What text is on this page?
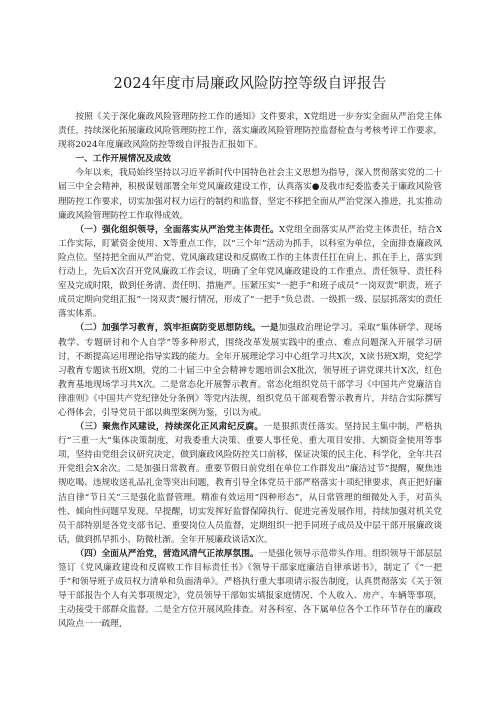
2024年度市局廉政风险防控等级自评报告

按照《关于深化廉政风险管理防控工作的通知》文件要求，X党组进一步夯实全面从严治党主体责任，持续深化拓展廉政风险管理防控工作，落实廉政风险管理防控监督检查与考核考评工作要求，现将2024年度廉政风险防控等级自评报告汇报如下。

一、工作开展情况及成效

今年以来，我局始终坚持以习近平新时代中国特色社会主义思想为指导，深入贯彻落实党的二十届三中全会精神，积极谋划部署全年党风廉政建设工作，认真落实●及我市纪委监委关于廉政风险管理防控工作要求，切实加强对权力运行的制约和监督，坚定不移把全面从严治党深入推进，扎实推动廉政风险管理防控工作取得成效。

（一）强化组织领导，全面落实从严治党主体责任。X党组全面落实从严治党主体责任，结合X工作实际，盯紧资金使用、X等重点工作，以“三个年”活动为抓手，以科室为单位，全面排查廉政风险点位。坚持把全面从严治党、党风廉政建设和反腐败工作的主体责任扛在肩上、抓在手上，落实到行动上，先后X次召开党风廉政工作会议，明确了全年党风廉政建设的工作重点、责任领导、责任科室及完成时限，做到任务清、责任明、措施严。压紧压实“一把手”和班子成员“一岗双责”职责，班子成员定期向党组汇报“一岗双责”履行情况，形成了“一把手”负总责、一级抓一级、层层抓落实的责任落实体系。

（二）加强学习教育，筑牢拒腐防变思想防线。一是加强政治理论学习。采取“集体研学、现场教学、专题研讨和个人自学”等多种形式，围绕改革发展实践中的重点、难点问题深入开展学习研讨，不断提高运用理论指导实践的能力。全年开展理论学习中心组学习共X次，X读书班X期，党纪学习教育专题读书班X期，党的二十届三中全会精神专题培训会X批次，领导班子讲党课共计X次，红色教育基地现场学习共X次。二是常态化开展警示教育。常态化组织党员干部学习《中国共产党廉洁自律准则》《中国共产党纪律处分条例》等党内法规，组织党员干部观看警示教育片，并结合实际撰写心得体会，引导党员干部以典型案例为鉴，引以为戒。

（三）聚焦作风建设，持续深化正风肃纪反腐。一是狠抓责任落实。坚持民主集中制，严格执行“三重一大”集体决策制度，对我委重大决策、重要人事任免、重大项目安排、大额资金使用等事项，坚持由党组会议研究决定，做到廉政风险防控关口前移，保证决策的民主化、科学化，全年共召开党组会X余次。二是加强日常教育。重要节假日前党组在单位工作群发出“廉洁过节”提醒，聚焦违规吃喝、违规收送礼品礼金等突出问题，教育引导全体党员干部严格落实十项纪律要求，真正把好廉洁自律“节日关”三是强化监督管理。精准有效运用“四种形态”，从日常管理的细微处入手，对苗头性、倾向性问题早发现、早提醒，切实发挥好监督保障执行、促进完善发展作用，持续加强对机关党员干部特别是各党支部书记、重要岗位人员监督，定期组织一把手同班子成员及中层干部开展廉政谈话，做到抓早抓小、防微杜渐。全年开展廉政谈话X次。

（四）全面从严治党，营造风清气正浓厚氛围。一是强化领导示范带头作用。组织领导干部层层签订《党风廉政建设和反腐败工作目标责任书》《领导干部家庭廉洁自律承诺书》，制定了《“一把手”和领导班子成员权力清单和负面清单》。严格执行重大事项请示报告制度，认真贯彻落实《关于领导干部报告个人有关事项规定》，党员领导干部如实填报家庭情况、个人收入、房产、车辆等事项，主动接受干部群众监督。二是全方位开展风险排查。对各科室、各下属单位各个工作环节存在的廉政风险点一一疏理，
